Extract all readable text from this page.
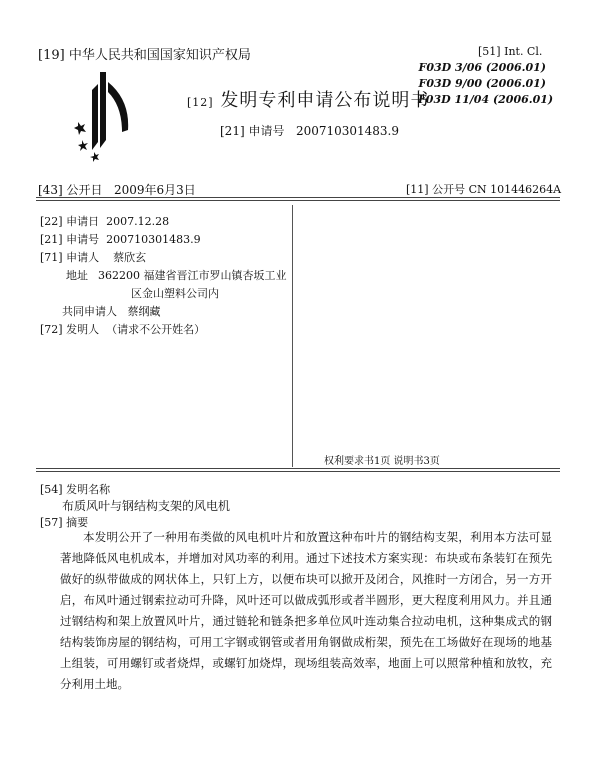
[19] 中华人民共和国国家知识产权局
[12] 发明专利申请公布说明书
[21] 申请号 200710301483.9
[51] Int. Cl.
F03D 3/06 (2006.01)
F03D 9/00 (2006.01)
F03D 11/04 (2006.01)
[43] 公开日 2009年6月3日	[11] 公开号 CN 101446264A
[22] 申请日 2007.12.28
[21] 申请号 200710301483.9
[71] 申请人 蔡欣玄
地址 362200 福建省晋江市罗山镇杏坂工业
区金山塑料公司内
共同申请人 蔡纲藏
[72] 发明人 （请求不公开姓名）
权利要求书1页 说明书3页
[54] 发明名称
布质风叶与钢结构支架的风电机
[57] 摘要

本发明公开了一种用布类做的风电机叶片和放置这种布叶片的钢结构支架，利用本方法可显著地降低风电机成本，并增加对风功率的利用。通过下述技术方案实现：布块或布条装钉在预先做好的纵带做成的网状体上，只钉上方，以便布块可以掀开及闭合，风推时一方闭合，另一方开启，布风叶通过钢索拉动可升降，风叶还可以做成弧形或者半圆形，更大程度利用风力。并且通过钢结构和架上放置风叶片，通过链轮和链条把多单位风叶连动集合拉动电机，这种集成式的钢结构装饰房屋的钢结构，可用工字钢或钢管或者用角钢做成桁架，预先在工场做好在现场的地基上组装，可用螺钉或者烧焊，或螺钉加烧焊，现场组装高效率，地面上可以照常种植和放牧，充分利用土地。
